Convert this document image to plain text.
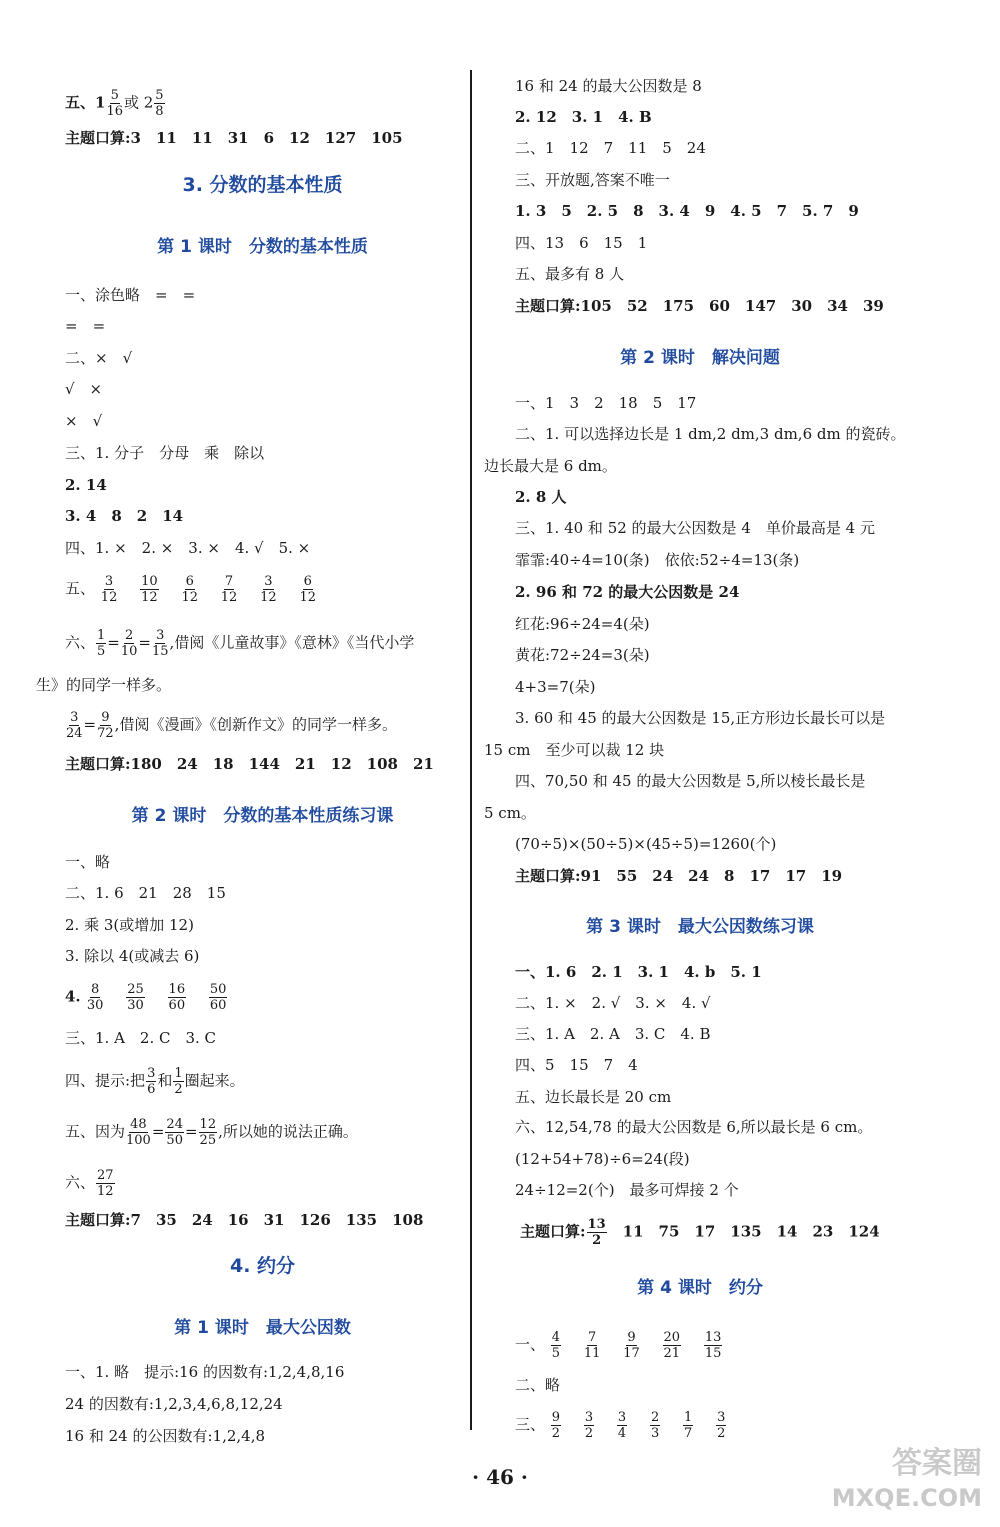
五、$1 \frac{5}{16}$ 或 $2 \frac{5}{8}$
主题口算:3　11　11　31　6　12　127　105
3. 分数的基本性质
第 1 课时　分数的基本性质
一、涂色略　=　=
=　=
二、×　√
√　×
×　√
三、1. 分子　分母　乘　除以
2. 14
3. 4　8　2　14
四、1. ×　2. ×　3. ×　4. √　5. ×
五、 $\frac{3}{12}$
$\frac{10}{12}$
$\frac{6}{12}$
$\frac{7}{12}$
$\frac{3}{12}$
$\frac{6}{12}$
六、 $\frac{1}{5} = \frac{2}{10} = \frac{3}{15}$ ,借阅《儿童故事》《意林》《当代小学
生》的同学一样多。
$\frac{3}{24} = \frac{9}{72}$ ,借阅《漫画》《创新作文》的同学一样多。
主题口算:180　24　18　144　21　12　108　21
第 2 课时　分数的基本性质练习课
一、略
二、1. 6　21　28　15
2. 乘 3(或增加 12)
3. 除以 4(或减去 6)
4. $\frac{8}{30}$
$\frac{25}{30}$
$\frac{16}{60}$
$\frac{50}{60}$
三、1. A　2. C　3. C
四、提示:把 $\frac{3}{6}$ 和 $\frac{1}{2}$ 圈起来。
五、因为 $\frac{48}{100} = \frac{24}{50} = \frac{12}{25}$ ,所以她的说法正确。
六、 $\frac{27}{12}$
主题口算:7　35　24　16　31　126　135　108
4. 约分
第 1 课时　最大公因数
一、1. 略　提示:16 的因数有:1,2,4,8,16
24 的因数有:1,2,3,4,6,8,12,24
16 和 24 的公因数有:1,2,4,8
16 和 24 的最大公因数是 8
2. 12　3. 1　4. B
二、1　12　7　11　5　24
三、开放题,答案不唯一
1. 3　5　2. 5　8　3. 4　9　4. 5　7　5. 7　9
四、13　6　15　1
五、最多有 8 人
主题口算:105　52　175　60　147　30　34　39
第 2 课时　解决问题
一、1　3　2　18　5　17
二、1. 可以选择边长是 1 dm,2 dm,3 dm,6 dm 的瓷砖。
边长最大是 6 dm。
2. 8 人
三、1. 40 和 52 的最大公因数是 4　单价最高是 4 元
霏霏:40÷4=10(条)　依依:52÷4=13(条)
2. 96 和 72 的最大公因数是 24
红花:96÷24=4(朵)
黄花:72÷24=3(朵)
4+3=7(朵)
3. 60 和 45 的最大公因数是 15,正方形边长最长可以是
15 cm　至少可以裁 12 块
四、70,50 和 45 的最大公因数是 5,所以棱长最长是
5 cm。
(70÷5)×(50÷5)×(45÷5)=1260(个)
主题口算:91　55　24　24　8　17　17　19
第 3 课时　最大公因数练习课
一、1. 6　2. 1　3. 1　4. b　5. 1
二、1. ×　2. √　3. ×　4. √
三、1. A　2. A　3. C　4. B
四、5　15　7　4
五、边长最长是 20 cm
六、12,54,78 的最大公因数是 6,所以最长是 6 cm。
(12+54+78)÷6=24(段)
24÷12=2(个)　最多可焊接 2 个
主题口算: $\frac{13}{2}$ 　11　75　17　135　14　23　124
第 4 课时　约分
一、 $\frac{4}{5}$
$\frac{7}{11}$
$\frac{9}{17}$
$\frac{20}{21}$
$\frac{13}{15}$
二、略
三、 $\frac{9}{2}$
$\frac{3}{2}$
$\frac{3}{4}$
$\frac{2}{3}$
$\frac{1}{7}$
$\frac{3}{2}$
· 46 ·	答案圈
MXQE.COM
